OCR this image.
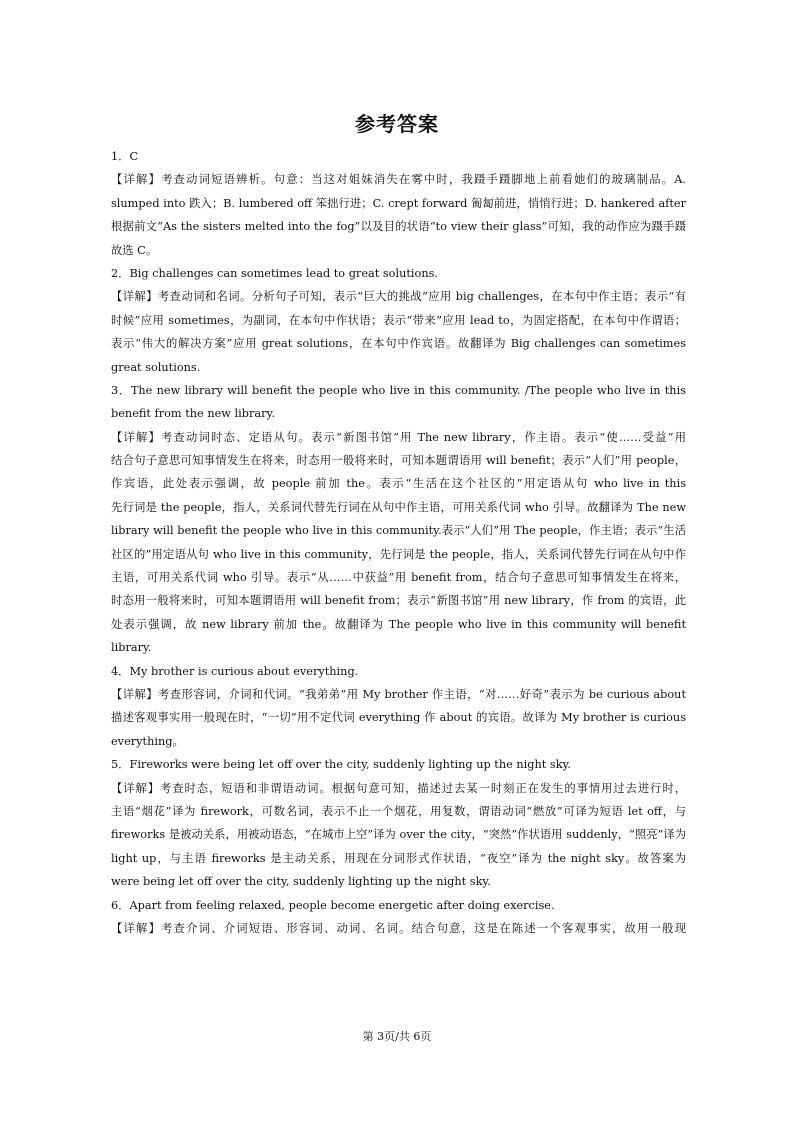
参考答案
1．C
【详解】考查动词短语辨析。句意：当这对姐妹消失在雾中时，我蹑手蹑脚地上前看她们的玻璃制品。A.
slumped into 跌入；B. lumbered off 笨拙行进；C. crept forward 匍匐前进，悄悄行进；D. hankered after
根据前文“As the sisters melted into the fog”以及目的状语“to view their glass”可知，我的动作应为蹑手蹑
故选 C。
2．Big challenges can sometimes lead to great solutions.
【详解】考查动词和名词。分析句子可知，表示“巨大的挑战”应用 big challenges，在本句中作主语；表示“有
时候”应用 sometimes，为副词，在本句中作状语；表示“带来”应用 lead to，为固定搭配，在本句中作谓语；
表示“伟大的解决方案”应用 great solutions，在本句中作宾语。故翻译为 Big challenges can sometimes
great solutions.
3．The new library will benefit the people who live in this community. /The people who live in this
benefit from the new library.
【详解】考查动词时态、定语从句。表示“新图书馆”用 The new library，作主语。表示“使……受益”用
结合句子意思可知事情发生在将来，时态用一般将来时，可知本题谓语用 will benefit；表示“人们”用 people，
作宾语，此处表示强调，故 people 前加 the。表示“生活在这个社区的”用定语从句 who live in this
先行词是 the people，指人，关系词代替先行词在从句中作主语，可用关系代词 who 引导。故翻译为 The new
library will benefit the people who live in this community.表示“人们”用 The people，作主语；表示“生活
社区的”用定语从句 who live in this community，先行词是 the people，指人，关系词代替先行词在从句中作
主语，可用关系代词 who 引导。表示“从……中获益”用 benefit from，结合句子意思可知事情发生在将来，
时态用一般将来时，可知本题谓语用 will benefit from；表示“新图书馆”用 new library，作 from 的宾语，此
处表示强调，故 new library 前加 the。故翻译为 The people who live in this community will benefit
library.
4．My brother is curious about everything.
【详解】考查形容词，介词和代词。“我弟弟”用 My brother 作主语，“对……好奇”表示为 be curious about
描述客观事实用一般现在时，“一切”用不定代词 everything 作 about 的宾语。故译为 My brother is curious
everything。
5．Fireworks were being let off over the city, suddenly lighting up the night sky.
【详解】考查时态，短语和非谓语动词。根据句意可知，描述过去某一时刻正在发生的事情用过去进行时，
主语“烟花”译为 firework，可数名词，表示不止一个烟花，用复数，谓语动词“燃放”可译为短语 let off，与
fireworks 是被动关系，用被动语态，“在城市上空”译为 over the city，“突然”作状语用 suddenly，“照亮”译为
light up，与主语 fireworks 是主动关系，用现在分词形式作状语，“夜空”译为 the night sky。故答案为
were being let off over the city, suddenly lighting up the night sky.
6．Apart from feeling relaxed, people become energetic after doing exercise.
【详解】考查介词、介词短语、形容词、动词、名词。结合句意，这是在陈述一个客观事实，故用一般现
第 3页/共 6页
